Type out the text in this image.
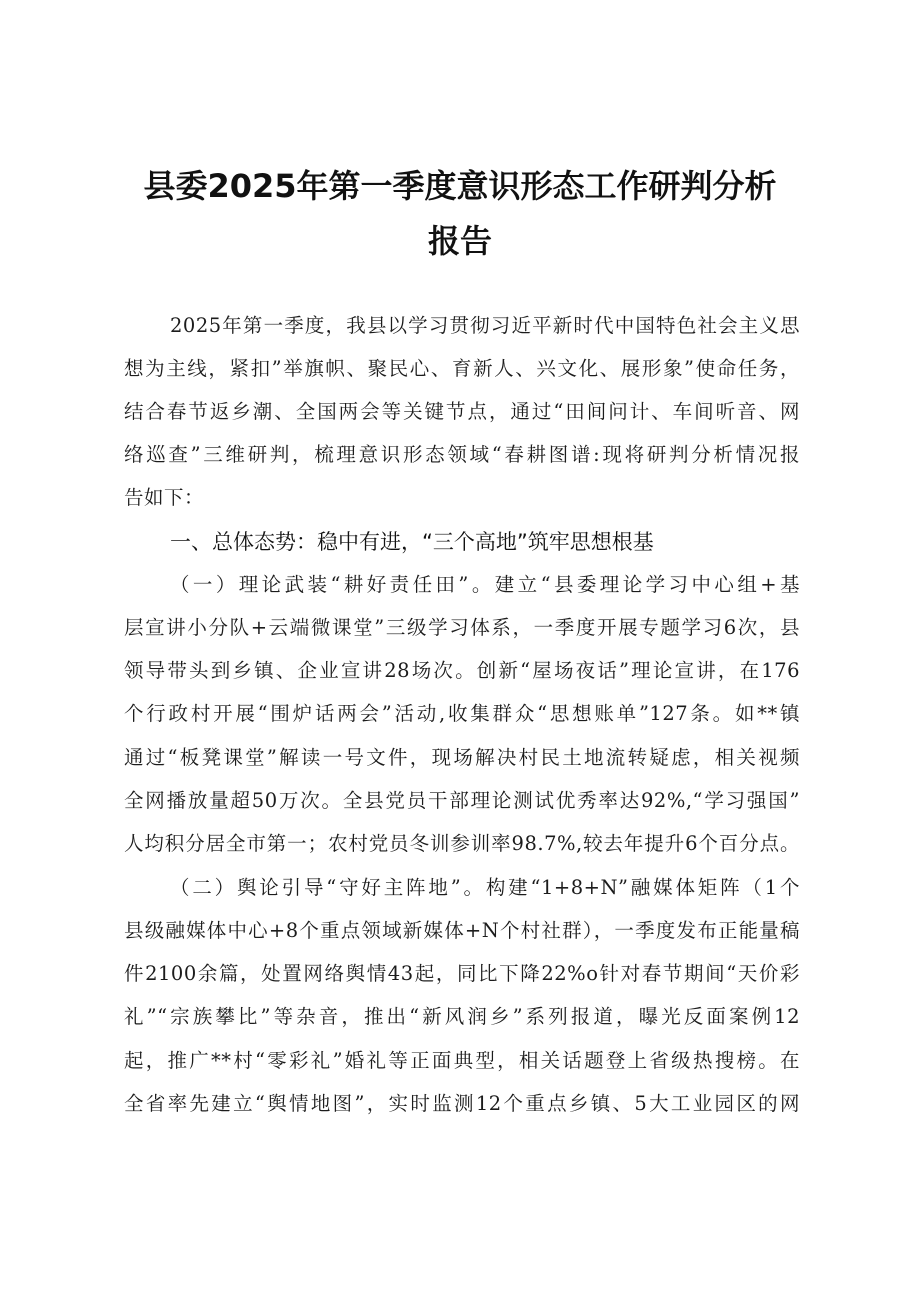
县委2025年第一季度意识形态工作研判分析
报告
2025年第一季度，我县以学习贯彻习近平新时代中国特色社会主义思
想为主线，紧扣”举旗帜、聚民心、育新人、兴文化、展形象”使命任务，
结合春节返乡潮、全国两会等关键节点，通过“田间问计、车间听音、网
络巡查”三维研判，梳理意识形态领域“春耕图谱:现将研判分析情况报
告如下：
一、总体态势：稳中有进，“三个高地”筑牢思想根基
（一）理论武装“耕好责任田”。建立“县委理论学习中心组+基
层宣讲小分队+云端微课堂”三级学习体系，一季度开展专题学习6次，县
领导带头到乡镇、企业宣讲28场次。创新“屋场夜话”理论宣讲，在176
个行政村开展“围炉话两会”活动,收集群众“思想账单”127条。如**镇
通过“板凳课堂”解读一号文件，现场解决村民土地流转疑虑，相关视频
全网播放量超50万次。全县党员干部理论测试优秀率达92%,“学习强国”
人均积分居全市第一；农村党员冬训参训率98.7%,较去年提升6个百分点。
（二）舆论引导“守好主阵地”。构建“1+8+N”融媒体矩阵（1个
县级融媒体中心+8个重点领域新媒体+N个村社群），一季度发布正能量稿
件2100余篇，处置网络舆情43起，同比下降22%o针对春节期间“天价彩
礼”“宗族攀比”等杂音，推出“新风润乡”系列报道，曝光反面案例12
起，推广**村“零彩礼”婚礼等正面典型，相关话题登上省级热搜榜。在
全省率先建立“舆情地图”，实时监测12个重点乡镇、5大工业园区的网
